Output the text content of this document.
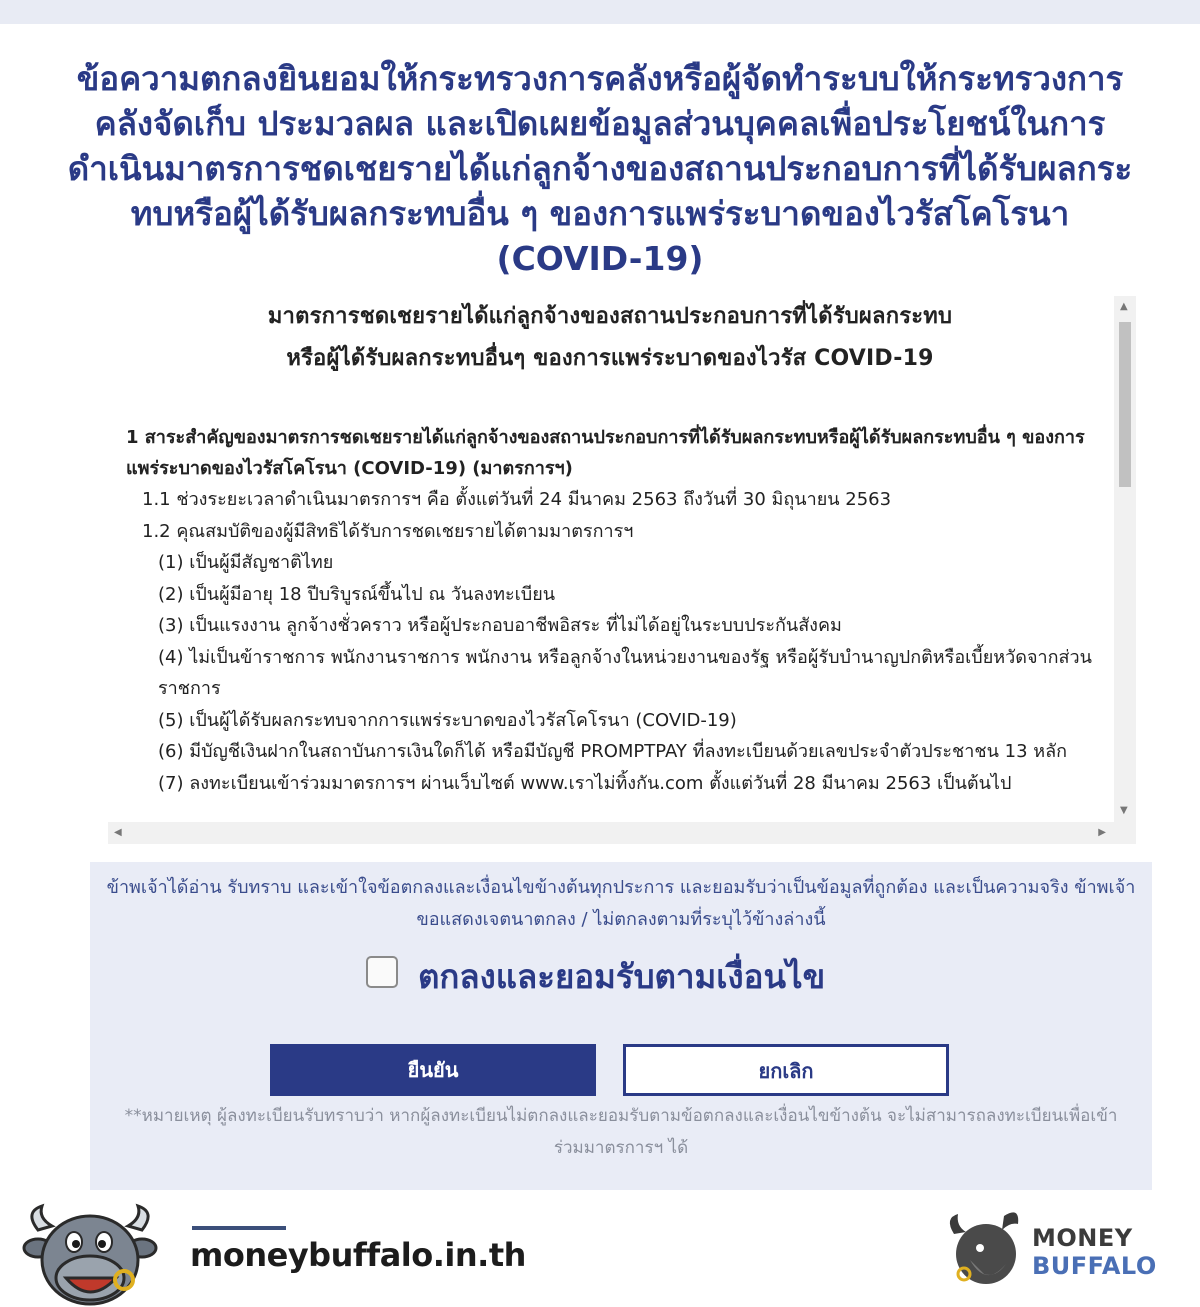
ข้อความตกลงยินยอมให้กระทรวงการคลังหรือผู้จัดทำระบบให้กระทรวงการคลังจัดเก็บ ประมวลผล และเปิดเผยข้อมูลส่วนบุคคลเพื่อประโยชน์ในการดำเนินมาตรการชดเชยรายได้แก่ลูกจ้างของสถานประกอบการที่ได้รับผลกระทบหรือผู้ได้รับผลกระทบอื่น ๆ ของการแพร่ระบาดของไวรัสโคโรนา (COVID-19)
มาตรการชดเชยรายได้แก่ลูกจ้างของสถานประกอบการที่ได้รับผลกระทบ
หรือผู้ได้รับผลกระทบอื่นๆ ของการแพร่ระบาดของไวรัส COVID-19
1 สาระสำคัญของมาตรการชดเชยรายได้แก่ลูกจ้างของสถานประกอบการที่ได้รับผลกระทบหรือผู้ได้รับผลกระทบอื่น ๆ ของการแพร่ระบาดของไวรัสโคโรนา (COVID-19) (มาตรการฯ)
1.1 ช่วงระยะเวลาดำเนินมาตรการฯ คือ ตั้งแต่วันที่ 24 มีนาคม 2563 ถึงวันที่ 30 มิถุนายน 2563
1.2 คุณสมบัติของผู้มีสิทธิได้รับการชดเชยรายได้ตามมาตรการฯ
(1) เป็นผู้มีสัญชาติไทย
(2) เป็นผู้มีอายุ 18 ปีบริบูรณ์ขึ้นไป ณ วันลงทะเบียน
(3) เป็นแรงงาน ลูกจ้างชั่วคราว หรือผู้ประกอบอาชีพอิสระ ที่ไม่ได้อยู่ในระบบประกันสังคม
(4) ไม่เป็นข้าราชการ พนักงานราชการ พนักงาน หรือลูกจ้างในหน่วยงานของรัฐ หรือผู้รับบำนาญปกติหรือเบี้ยหวัดจากส่วนราชการ
(5) เป็นผู้ได้รับผลกระทบจากการแพร่ระบาดของไวรัสโคโรนา (COVID-19)
(6) มีบัญชีเงินฝากในสถาบันการเงินใดก็ได้ หรือมีบัญชี PROMPTPAY ที่ลงทะเบียนด้วยเลขประจำตัวประชาชน 13 หลัก
(7) ลงทะเบียนเข้าร่วมมาตรการฯ ผ่านเว็บไซต์ www.เราไม่ทิ้งกัน.com ตั้งแต่วันที่ 28 มีนาคม 2563 เป็นต้นไป
▲
▼
◀	▶

ข้าพเจ้าได้อ่าน รับทราบ และเข้าใจข้อตกลงและเงื่อนไขข้างต้นทุกประการ และยอมรับว่าเป็นข้อมูลที่ถูกต้อง และเป็นความจริง ข้าพเจ้าขอแสดงเจตนาตกลง / ไม่ตกลงตามที่ระบุไว้ข้างล่างนี้

ตกลงและยอมรับตามเงื่อนไข
ยืนยัน	ยกเลิก

**หมายเหตุ ผู้ลงทะเบียนรับทราบว่า หากผู้ลงทะเบียนไม่ตกลงและยอมรับตามข้อตกลงและเงื่อนไขข้างต้น จะไม่สามารถลงทะเบียนเพื่อเข้าร่วมมาตรการฯ ได้

moneybuffalo.in.th	MONEY
BUFFALO
